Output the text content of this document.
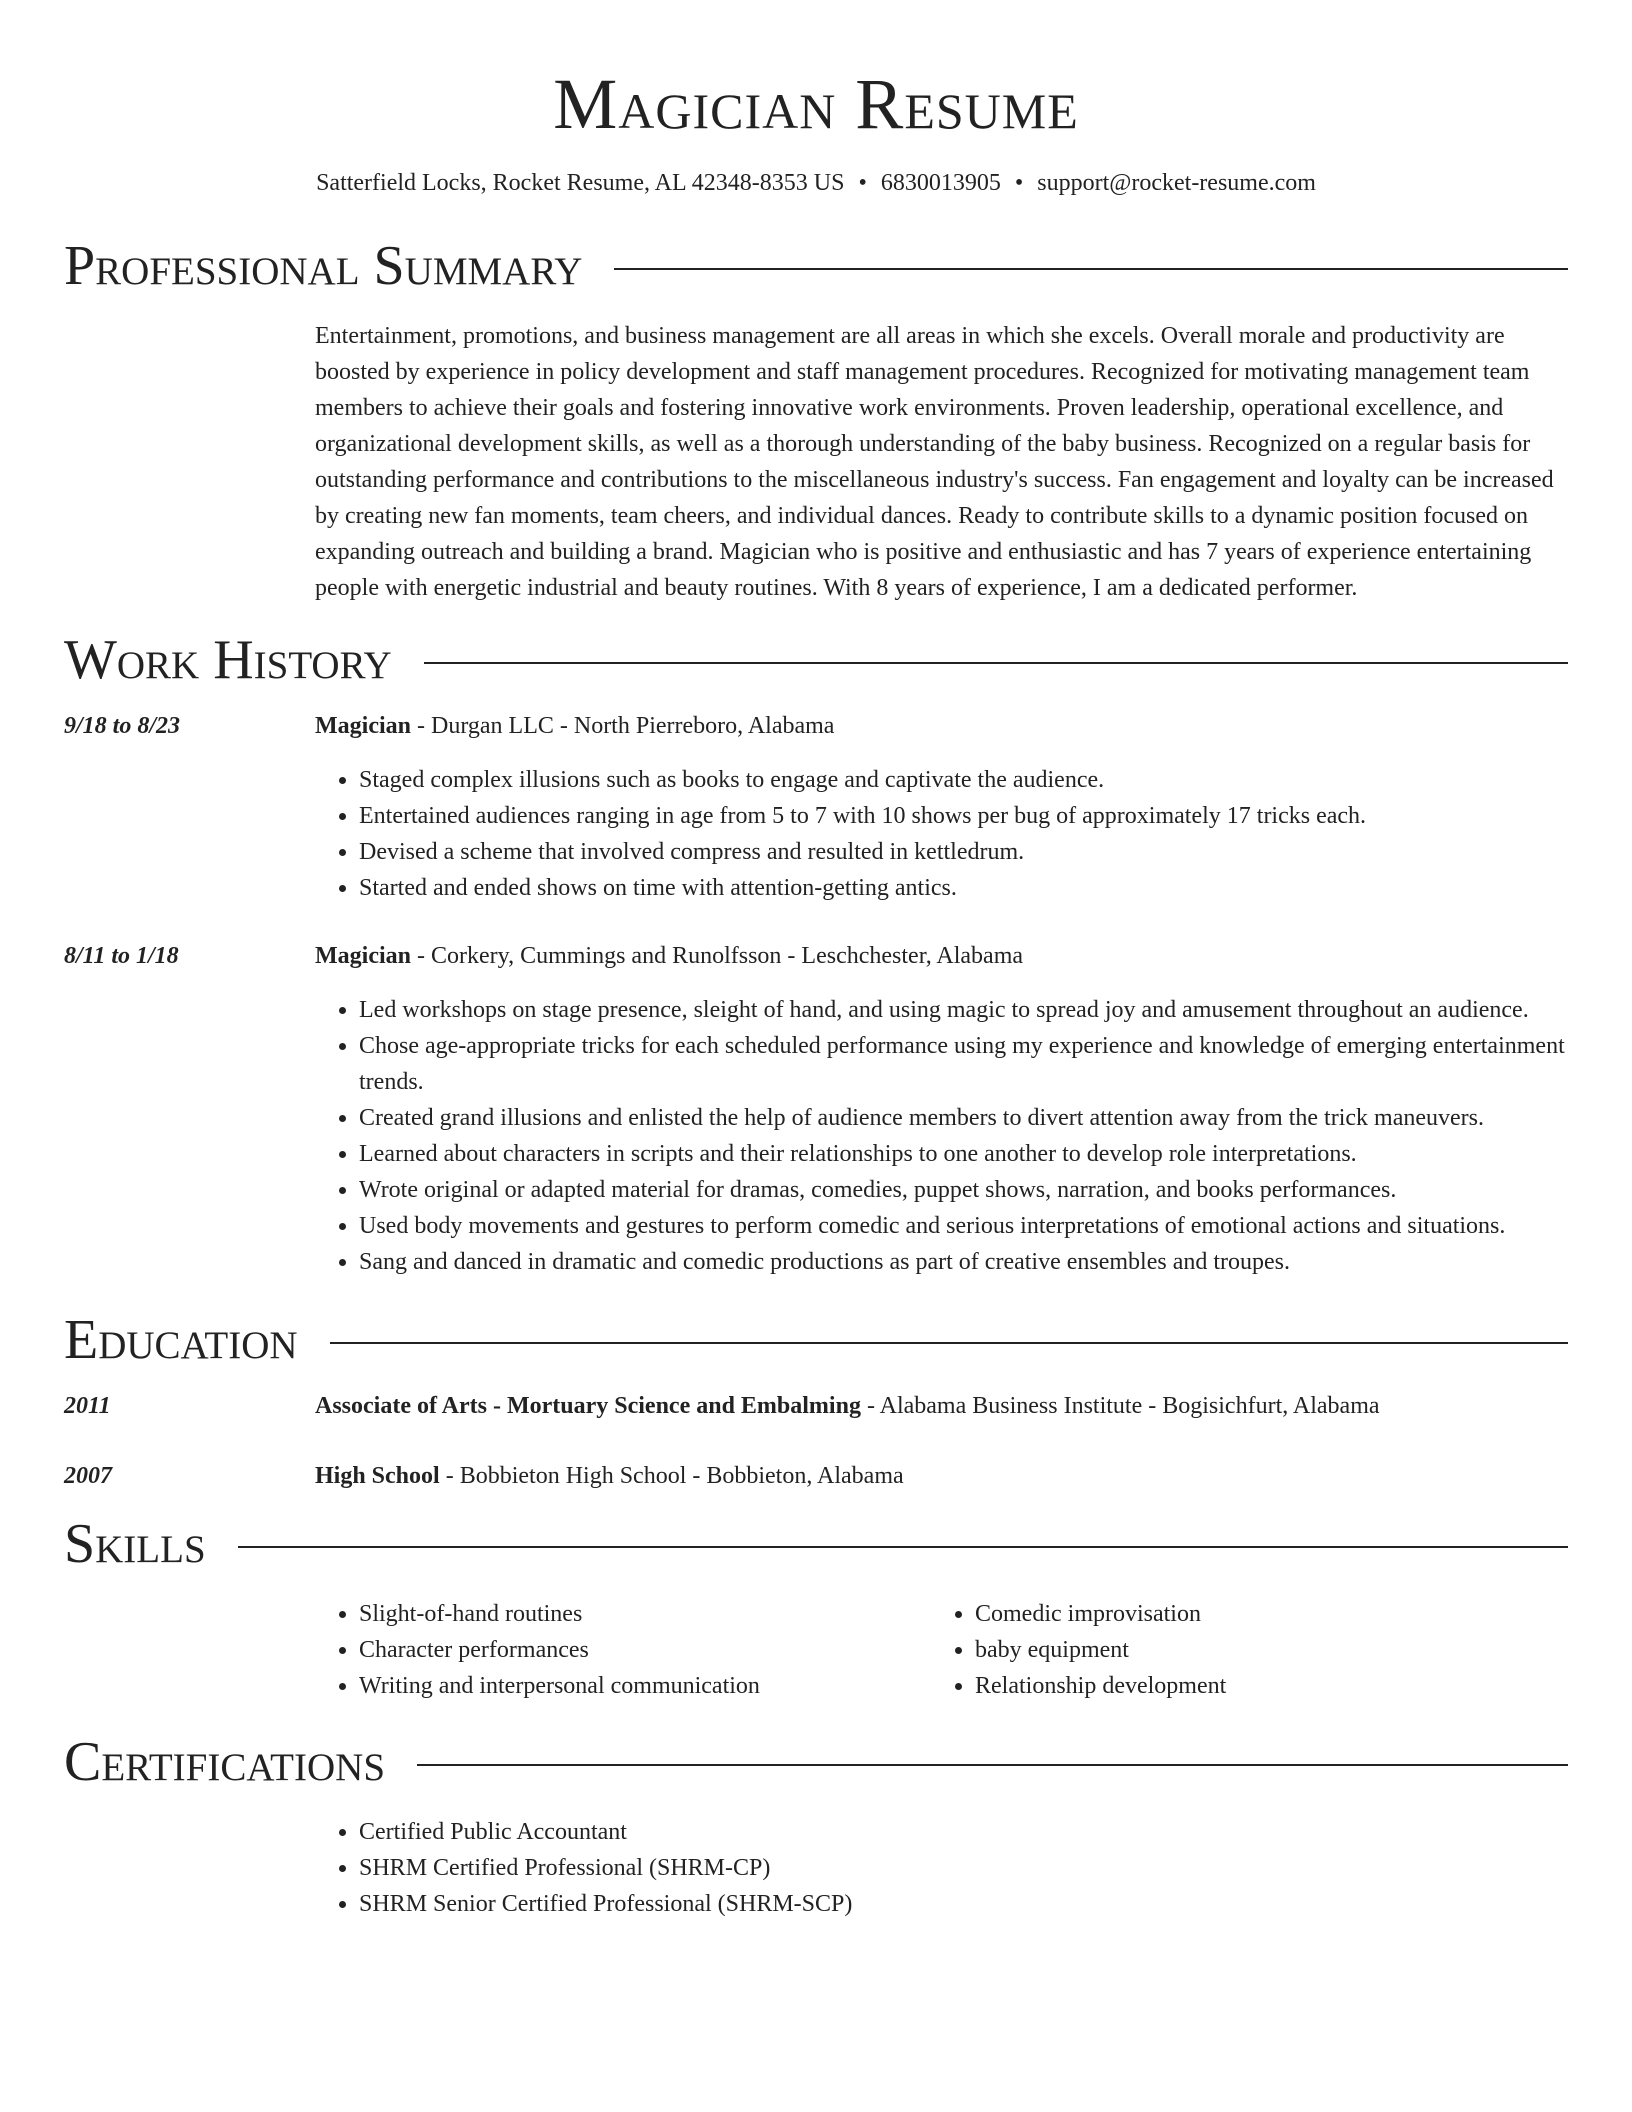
Magician Resume
Satterfield Locks, Rocket Resume, AL 42348-8353 US • 6830013905 • support@rocket-resume.com
Professional Summary
Entertainment, promotions, and business management are all areas in which she excels. Overall morale and productivity are boosted by experience in policy development and staff management procedures. Recognized for motivating management team members to achieve their goals and fostering innovative work environments. Proven leadership, operational excellence, and organizational development skills, as well as a thorough understanding of the baby business. Recognized on a regular basis for outstanding performance and contributions to the miscellaneous industry's success. Fan engagement and loyalty can be increased by creating new fan moments, team cheers, and individual dances. Ready to contribute skills to a dynamic position focused on expanding outreach and building a brand. Magician who is positive and enthusiastic and has 7 years of experience entertaining people with energetic industrial and beauty routines. With 8 years of experience, I am a dedicated performer.
Work History
9/18 to 8/23	Magician - Durgan LLC - North Pierreboro, Alabama
• Staged complex illusions such as books to engage and captivate the audience.
• Entertained audiences ranging in age from 5 to 7 with 10 shows per bug of approximately 17 tricks each.
• Devised a scheme that involved compress and resulted in kettledrum.
• Started and ended shows on time with attention-getting antics.
8/11 to 1/18	Magician - Corkery, Cummings and Runolfsson - Leschchester, Alabama
• Led workshops on stage presence, sleight of hand, and using magic to spread joy and amusement throughout an audience.
• Chose age-appropriate tricks for each scheduled performance using my experience and knowledge of emerging entertainment trends.
• Created grand illusions and enlisted the help of audience members to divert attention away from the trick maneuvers.
• Learned about characters in scripts and their relationships to one another to develop role interpretations.
• Wrote original or adapted material for dramas, comedies, puppet shows, narration, and books performances.
• Used body movements and gestures to perform comedic and serious interpretations of emotional actions and situations.
• Sang and danced in dramatic and comedic productions as part of creative ensembles and troupes.
Education
2011	Associate of Arts - Mortuary Science and Embalming - Alabama Business Institute - Bogisichfurt, Alabama
2007	High School - Bobbieton High School - Bobbieton, Alabama
Skills
• Slight-of-hand routines
• Character performances
• Writing and interpersonal communication
• Comedic improvisation
• baby equipment
• Relationship development
Certifications
• Certified Public Accountant
• SHRM Certified Professional (SHRM-CP)
• SHRM Senior Certified Professional (SHRM-SCP)
